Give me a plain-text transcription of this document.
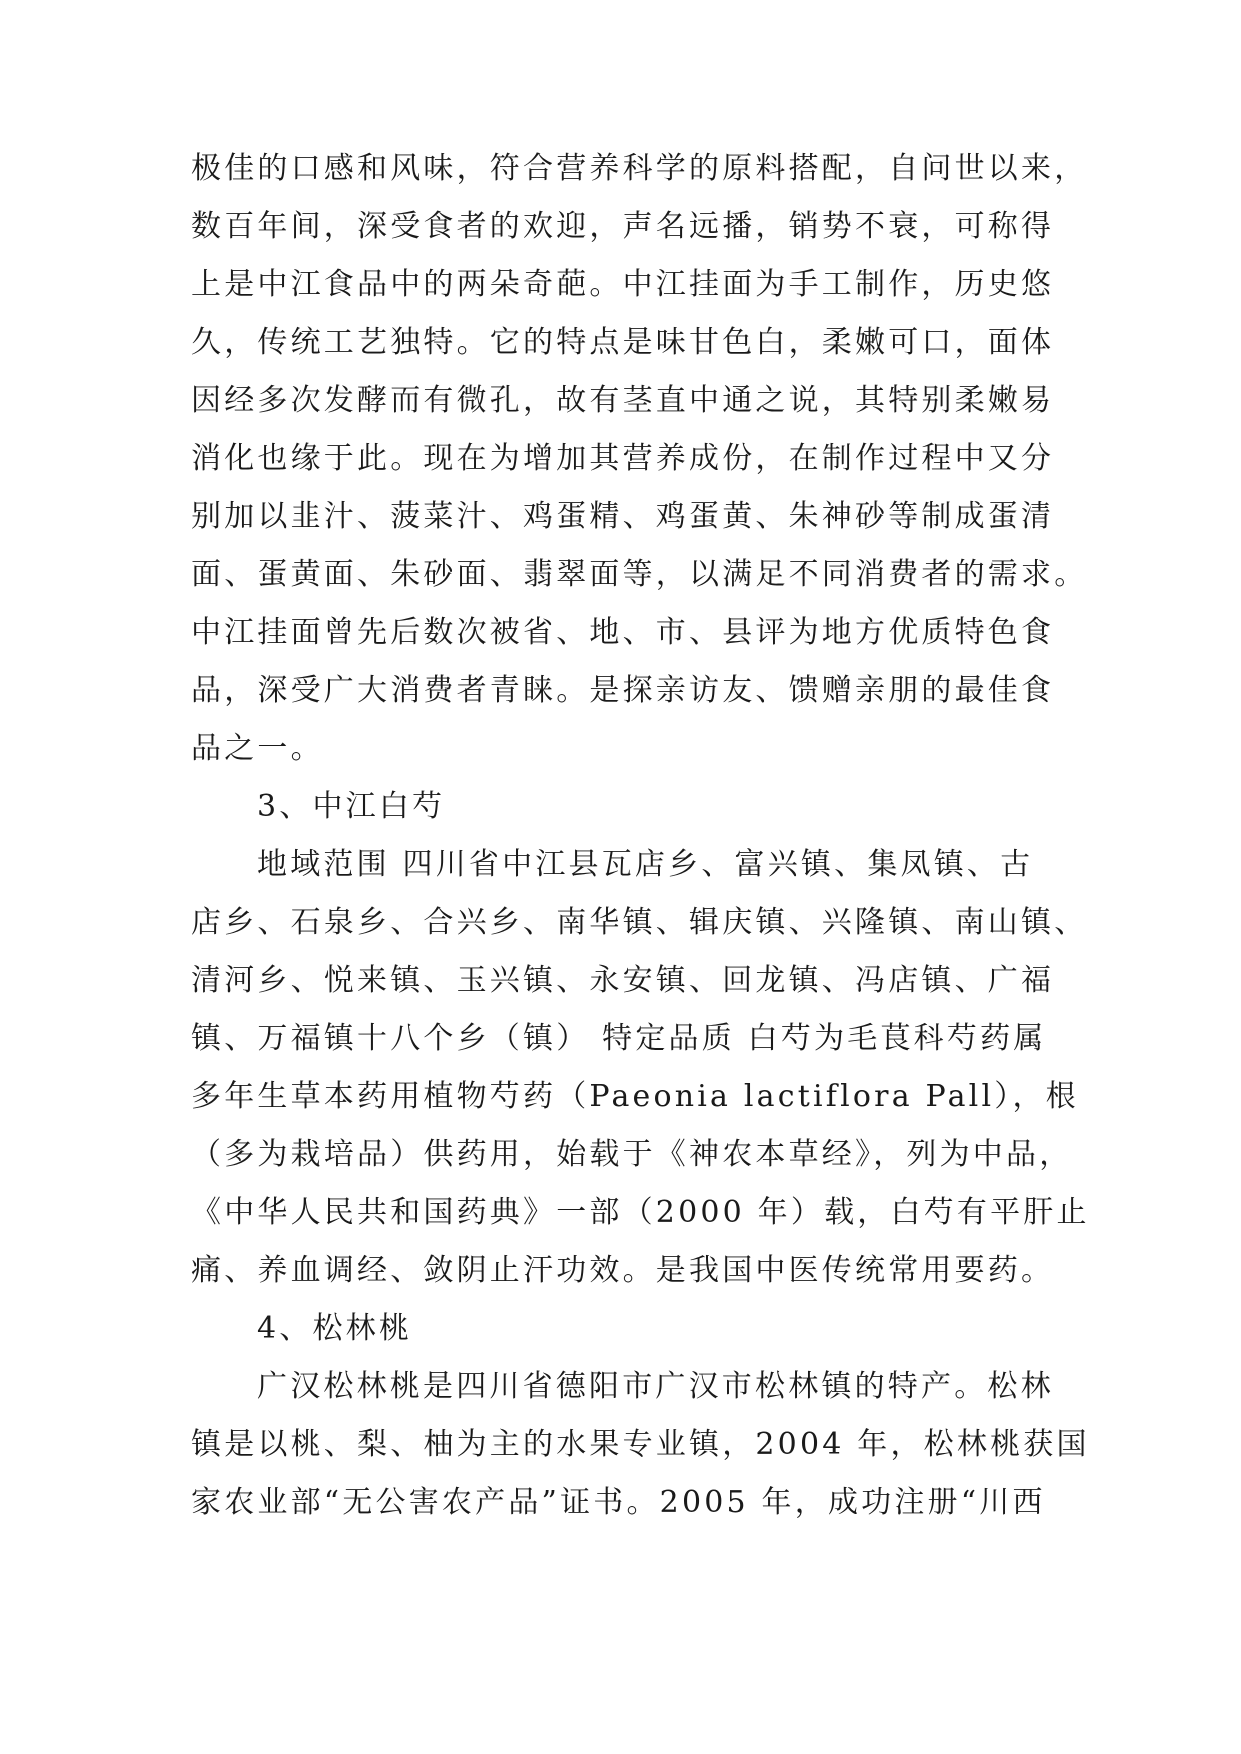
极佳的口感和风味，符合营养科学的原料搭配，自问世以来，
数百年间，深受食者的欢迎，声名远播，销势不衰，可称得
上是中江食品中的两朵奇葩。中江挂面为手工制作，历史悠
久，传统工艺独特。它的特点是味甘色白，柔嫩可口，面体
因经多次发酵而有微孔，故有茎直中通之说，其特别柔嫩易
消化也缘于此。现在为增加其营养成份，在制作过程中又分
别加以韭汁、菠菜汁、鸡蛋精、鸡蛋黄、朱神砂等制成蛋清
面、蛋黄面、朱砂面、翡翠面等，以满足不同消费者的需求。
中江挂面曾先后数次被省、地、市、县评为地方优质特色食
品，深受广大消费者青睐。是探亲访友、馈赠亲朋的最佳食
品之一。
3、中江白芍
地域范围 四川省中江县瓦店乡、富兴镇、集凤镇、古
店乡、石泉乡、合兴乡、南华镇、辑庆镇、兴隆镇、南山镇、
清河乡、悦来镇、玉兴镇、永安镇、回龙镇、冯店镇、广福
镇、万福镇十八个乡（镇） 特定品质 白芍为毛茛科芍药属
多年生草本药用植物芍药（Paeonia lactiflora Pall），根
（多为栽培品）供药用，始载于《神农本草经》，列为中品，
《中华人民共和国药典》一部（2000 年）载，白芍有平肝止
痛、养血调经、敛阴止汗功效。是我国中医传统常用要药。
4、松林桃
广汉松林桃是四川省德阳市广汉市松林镇的特产。松林
镇是以桃、梨、柚为主的水果专业镇，2004 年，松林桃获国
家农业部“无公害农产品”证书。2005 年，成功注册“川西
